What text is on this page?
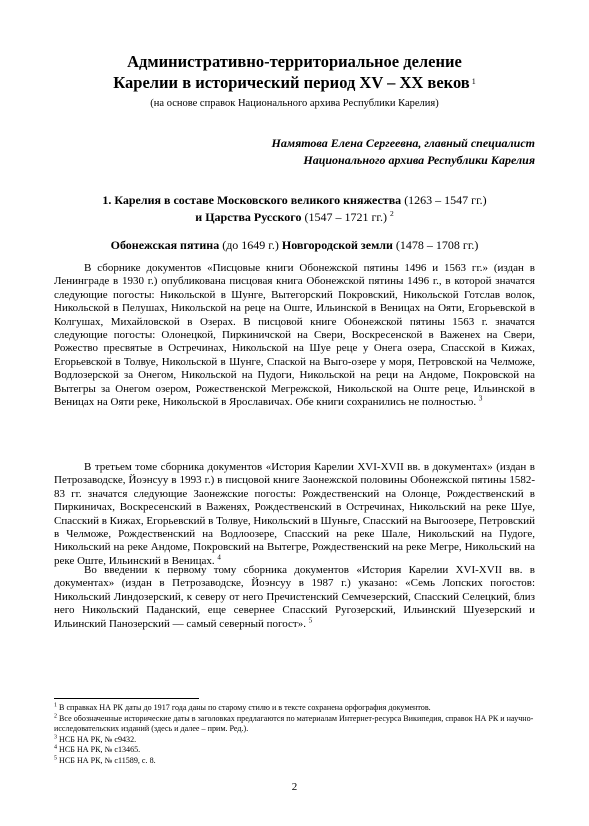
Административно-территориальное деление
Карелии в исторический период XV – XX веков $^1$
(на основе справок Национального архива Республики Карелия)
Намятова Елена Сергеевна, главный специалист
Национального архива Республики Карелия
1. Карелия в составе Московского великого княжества (1263 – 1547 гг.)
и Царства Русского (1547 – 1721 гг.) $^2$
Обонежская пятина (до 1649 г.) Новгородской земли (1478 – 1708 гг.)
В сборнике документов «Писцовые книги Обонежской пятины 1496 и 1563 гг.» (издан в Ленинграде в 1930 г.) опубликована писцовая книга Обонежской пятины 1496 г., в которой значатся следующие погосты: Никольской в Шунге, Вытегорский Покровский, Никольской Готслав волок, Никольской в Пелушах, Никольской на реце на Оште, Ильинской в Веницах на Ояти, Егорьевской в Колгушах, Михайловской в Озерах. В писцовой книге Обонежской пятины 1563 г. значатся следующие погосты: Олонецкой, Пиркиничской на Свери, Воскресенской в Важенех на Свери, Рожество пресвятые в Остречинах, Никольской на Шуе реце у Онега озера, Спасской в Кижах, Егорьевской в Толвуе, Никольской в Шунге, Спаской на Выго-озере у моря, Петровской на Челможе, Водлозерской за Онегом, Никольской на Пудоги, Никольской на реци на Андоме, Покровской на Вытегры за Онегом озером, Рожественской Мегрежской, Никольской на Оште реце, Ильинской в Веницах на Ояти реке, Никольской в Ярославичах. Обе книги сохранились не полностью. $^3$
В третьем томе сборника документов «История Карелии XVI-XVII вв. в документах» (издан в Петрозаводске, Йоэнсуу в 1993 г.) в писцовой книге Заонежской половины Обонежской пятины 1582-83 гг. значатся следующие Заонежские погосты: Рождественский на Олонце, Рождественский в Пиркиничах, Воскресенский в Важенях, Рождественский в Остречинах, Никольский на реке Шуе, Спасский в Кижах, Егорьевский в Толвуе, Никольский в Шуньге, Спасский на Выгоозере, Петровский в Челможе, Рождественский на Водлоозере, Спасский на реке Шале, Никольский на Пудоге, Никольский на реке Андоме, Покровский на Вытегре, Рождественский на реке Мегре, Никольский на реке Оште, Ильинский в Веницах. $^4$
Во введении к первому тому сборника документов «История Карелии XVI-XVII вв. в документах» (издан в Петрозаводске, Йоэнсуу в 1987 г.) указано: «Семь Лопских погостов: Никольский Линдозерский, к северу от него Пречистенский Семчезерский, Спасский Селецкий, близ него Никольский Паданский, еще севернее Спасский Ругозерский, Ильинский Шуезерский и Ильинский Панозерский — самый северный погост». $^5$
$^1$ В справках НА РК даты до 1917 года даны по старому стилю и в тексте сохранена орфография документов.
$^2$ Все обозначенные исторические даты в заголовках предлагаются по материалам Интернет-ресурса Википедия, справок НА РК и научно-исследовательских изданий (здесь и далее – прим. Ред.).
$^3$ НСБ НА РК, № с9432.
$^4$ НСБ НА РК, № с13465.
$^5$ НСБ НА РК, № с11589, с. 8.
2
